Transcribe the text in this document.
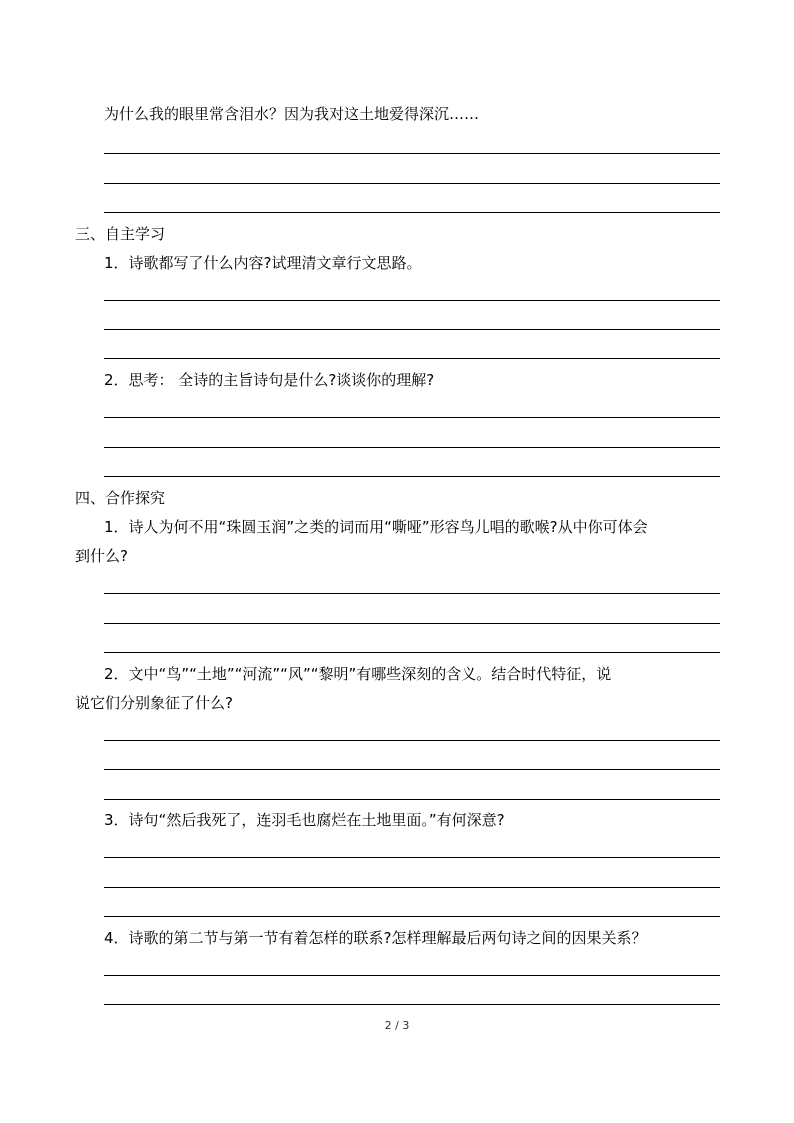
为什么我的眼里常含泪水？因为我对这土地爱得深沉……
三、自主学习
1．诗歌都写了什么内容?试理清文章行文思路。
2．思考： 全诗的主旨诗句是什么?谈谈你的理解?
四、合作探究
1．诗人为何不用“珠圆玉润”之类的词而用“嘶哑”形容鸟儿唱的歌喉?从中你可体会
到什么?
2．文中“鸟”“土地”“河流”“风”“黎明”有哪些深刻的含义。结合时代特征，说
说它们分别象征了什么?
3．诗句“然后我死了，连羽毛也腐烂在土地里面。”有何深意?
4．诗歌的第二节与第一节有着怎样的联系?怎样理解最后两句诗之间的因果关系？
2 / 3
